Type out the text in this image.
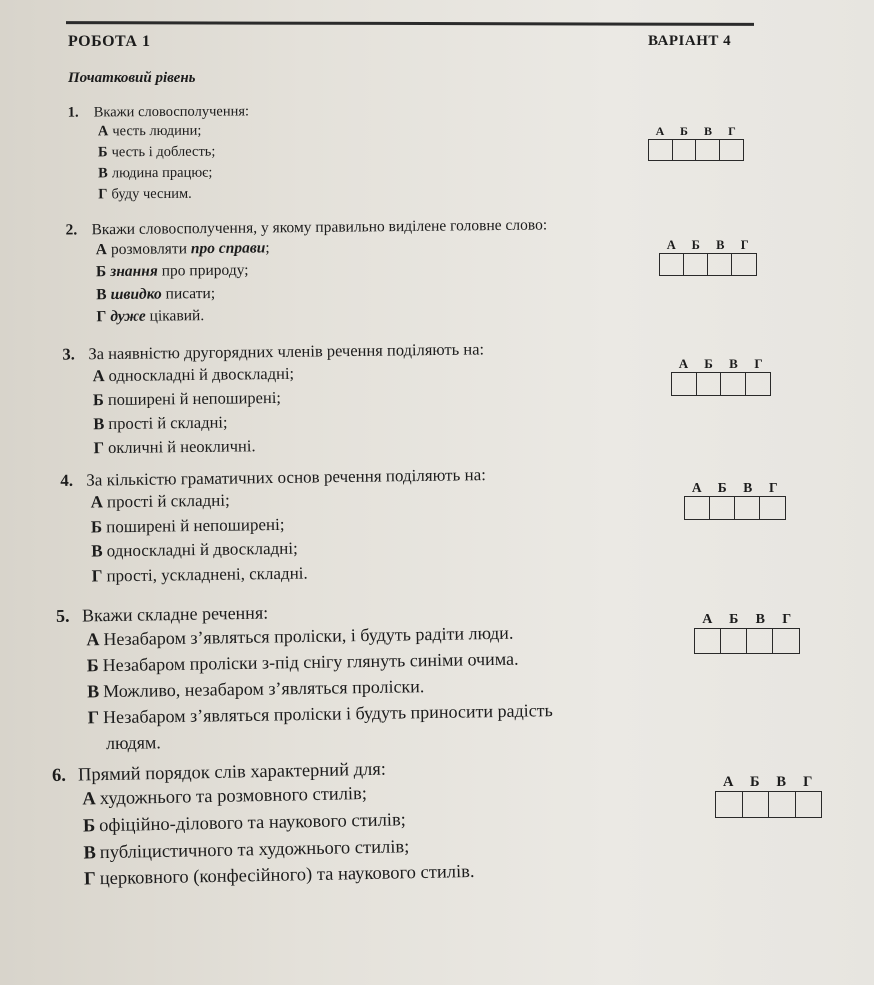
РОБОТА 1	ВАРІАНТ 4
Початковий рівень
1. Вкажи словосполучення:
А честь людини;
Б честь і доблесть;
В людина працює;
Г буду чесним.
2. Вкажи словосполучення, у якому правильно виділене головне слово:
А розмовляти про справи;
Б знання про природу;
В швидко писати;
Г дуже цікавий.
3. За наявністю другорядних членів речення поділяють на:
А односкладні й двоскладні;
Б поширені й непоширені;
В прості й складні;
Г окличні й неокличні.
4. За кількістю граматичних основ речення поділяють на:
А прості й складні;
Б поширені й непоширені;
В односкладні й двоскладні;
Г прості, ускладнені, складні.
5. Вкажи складне речення:
А Незабаром з’являться проліски, і будуть радіти люди.
Б Незабаром проліски з-під снігу глянуть синіми очима.
В Можливо, незабаром з’являться проліски.
Г Незабаром з’являться проліски і будуть приносити радість
людям.
6. Прямий порядок слів характерний для:
А художнього та розмовного стилів;
Б офіційно-ділового та наукового стилів;
В публіцистичного та художнього стилів;
Г церковного (конфесійного) та наукового стилів.
А	Б	В	Г
А	Б	В	Г
А	Б	В	Г
А	Б	В	Г
А	Б	В	Г
А	Б	В	Г
